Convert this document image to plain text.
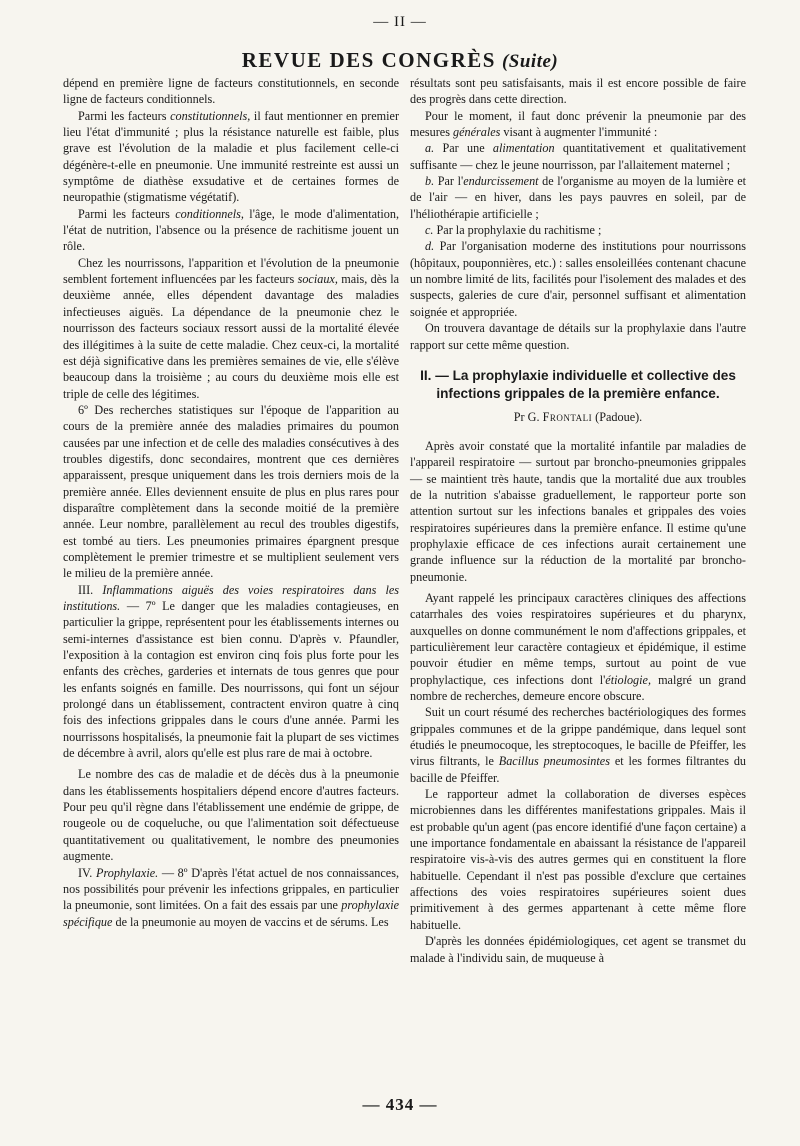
— II —
REVUE DES CONGRÈS (Suite)

dépend en première ligne de facteurs constitutionnels, en seconde ligne de facteurs conditionnels.

Parmi les facteurs constitutionnels, il faut mentionner en premier lieu l'état d'immunité ; plus la résistance naturelle est faible, plus grave est l'évolution de la maladie et plus facilement celle-ci dégénère-t-elle en pneumonie. Une immunité restreinte est aussi un symptôme de diathèse exsudative et de certaines formes de neuropathie (stigmatisme végétatif).

Parmi les facteurs conditionnels, l'âge, le mode d'alimentation, l'état de nutrition, l'absence ou la présence de rachitisme jouent un rôle.

Chez les nourrissons, l'apparition et l'évolution de la pneumonie semblent fortement influencées par les facteurs sociaux, mais, dès la deuxième année, elles dépendent davantage des maladies infectieuses aiguës. La dépendance de la pneumonie chez le nourrisson des facteurs sociaux ressort aussi de la mortalité élevée des illégitimes à la suite de cette maladie. Chez ceux-ci, la mortalité est déjà significative dans les premières semaines de vie, elle s'élève beaucoup dans la troisième ; au cours du deuxième mois elle est triple de celle des légitimes.

6º Des recherches statistiques sur l'époque de l'apparition au cours de la première année des maladies primaires du poumon causées par une infection et de celle des maladies consécutives à des troubles digestifs, donc secondaires, montrent que ces dernières apparaissent, presque uniquement dans les trois derniers mois de la première année. Elles deviennent ensuite de plus en plus rares pour disparaître complètement dans la seconde moitié de la première année. Leur nombre, parallèlement au recul des troubles digestifs, est tombé au tiers. Les pneumonies primaires épargnent presque complètement le premier trimestre et se multiplient seulement vers le milieu de la première année.

III. Inflammations aiguës des voies respiratoires dans les institutions. — 7º Le danger que les maladies contagieuses, en particulier la grippe, représentent pour les établissements internes ou semi-internes d'assistance est bien connu. D'après v. Pfaundler, l'exposition à la contagion est environ cinq fois plus forte pour les enfants des crèches, garderies et internats de tous genres que pour les enfants soignés en famille. Des nourrissons, qui font un séjour prolongé dans un établissement, contractent environ quatre à cinq fois des infections grippales dans le cours d'une année. Parmi les nourrissons hospitalisés, la pneumonie fait la plupart de ses victimes de décembre à avril, alors qu'elle est plus rare de mai à octobre.

Le nombre des cas de maladie et de décès dus à la pneumonie dans les établissements hospitaliers dépend encore d'autres facteurs. Pour peu qu'il règne dans l'établissement une endémie de grippe, de rougeole ou de coqueluche, ou que l'alimentation soit défectueuse quantitativement ou qualitativement, le nombre des pneumonies augmente.

IV. Prophylaxie. — 8º D'après l'état actuel de nos connaissances, nos possibilités pour prévenir les infections grippales, en particulier la pneumonie, sont limitées. On a fait des essais par une prophylaxie spécifique de la pneumonie au moyen de vaccins et de sérums. Les

résultats sont peu satisfaisants, mais il est encore possible de faire des progrès dans cette direction.

Pour le moment, il faut donc prévenir la pneumonie par des mesures générales visant à augmenter l'immunité :

a. Par une alimentation quantitativement et qualitativement suffisante — chez le jeune nourrisson, par l'allaitement maternel ;

b. Par l'endurcissement de l'organisme au moyen de la lumière et de l'air — en hiver, dans les pays pauvres en soleil, par de l'héliothérapie artificielle ;

c. Par la prophylaxie du rachitisme ;

d. Par l'organisation moderne des institutions pour nourrissons (hôpitaux, pouponnières, etc.) : salles ensoleillées contenant chacune un nombre limité de lits, facilités pour l'isolement des malades et des suspects, galeries de cure d'air, personnel suffisant et alimentation soignée et appropriée.

On trouvera davantage de détails sur la prophylaxie dans l'autre rapport sur cette même question.

II. — La prophylaxie individuelle et collective des infections grippales de la première enfance.
Pr G. Frontali (Padoue).

Après avoir constaté que la mortalité infantile par maladies de l'appareil respiratoire — surtout par broncho-pneumonies grippales — se maintient très haute, tandis que la mortalité due aux troubles de la nutrition s'abaisse graduellement, le rapporteur porte son attention surtout sur les infections banales et grippales des voies respiratoires supérieures dans la première enfance. Il estime qu'une prophylaxie efficace de ces infections aurait certainement une grande influence sur la réduction de la mortalité par broncho-pneumonie.

Ayant rappelé les principaux caractères cliniques des affections catarrhales des voies respiratoires supérieures et du pharynx, auxquelles on donne communément le nom d'affections grippales, et particulièrement leur caractère contagieux et épidémique, il estime pouvoir étudier en même temps, surtout au point de vue prophylactique, ces infections dont l'étiologie, malgré un grand nombre de recherches, demeure encore obscure.

Suit un court résumé des recherches bactériologiques des formes grippales communes et de la grippe pandémique, dans lequel sont étudiés le pneumocoque, les streptocoques, le bacille de Pfeiffer, les virus filtrants, le Bacillus pneumosintes et les formes filtrantes du bacille de Pfeiffer.

Le rapporteur admet la collaboration de diverses espèces microbiennes dans les différentes manifestations grippales. Mais il est probable qu'un agent (pas encore identifié d'une façon certaine) a une importance fondamentale en abaissant la résistance de l'appareil respiratoire vis-à-vis des autres germes qui en constituent la flore habituelle. Cependant il n'est pas possible d'exclure que certaines affections des voies respiratoires supérieures soient dues primitivement à des germes appartenant à cette même flore habituelle.

D'après les données épidémiologiques, cet agent se transmet du malade à l'individu sain, de muqueuse à

— 434 —
